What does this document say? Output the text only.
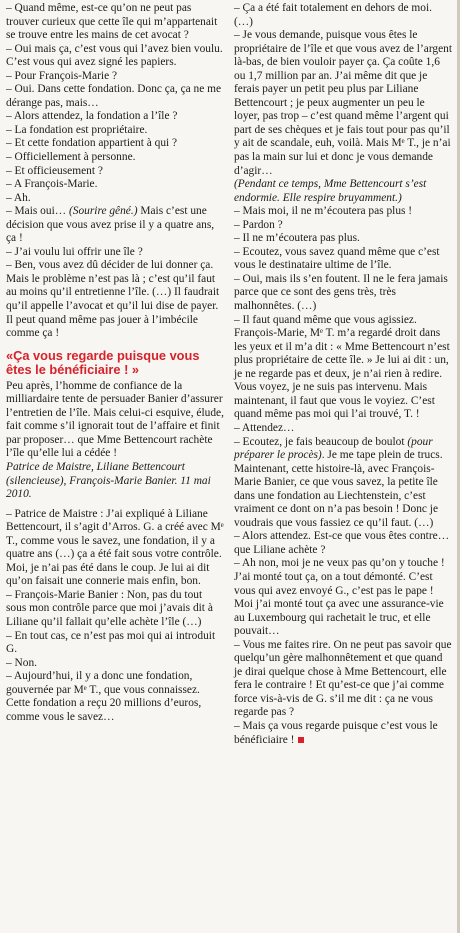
– Quand même, est-ce qu’on ne peut pas trouver curieux que cette île qui m’appartenait se trouve entre les mains de cet avocat ?

– Oui mais ça, c’est vous qui l’avez bien voulu. C’est vous qui avez signé les papiers.

– Pour François-Marie ?

– Oui. Dans cette fondation. Donc ça, ça ne me dérange pas, mais…

– Alors attendez, la fondation a l’île ?

– La fondation est propriétaire.

– Et cette fondation appartient à qui ?

– Officiellement à personne.

– Et officieusement ?

– A François-Marie.

– Ah.

– Mais oui… (Sourire gêné.) Mais c’est une décision que vous avez prise il y a quatre ans, ça !

– J’ai voulu lui offrir une île ?

– Ben, vous avez dû décider de lui donner ça. Mais le problème n’est pas là ; c’est qu’il faut au moins qu’il entretienne l’île. (…) Il faudrait qu’il appelle l’avocat et qu’il lui dise de payer. Il peut quand même pas jouer à l’imbécile comme ça !

«Ça vous regarde puisque vous êtes le bénéficiaire ! »

Peu après, l’homme de confiance de la milliardaire tente de persuader Banier d’assurer l’entretien de l’île. Mais celui-ci esquive, élude, fait comme s’il ignorait tout de l’affaire et finit par proposer… que Mme Bettencourt rachète l’île qu’elle lui a cédée !

Patrice de Maistre, Liliane Bettencourt (silencieuse), François-Marie Banier. 11 mai 2010.

– Patrice de Maistre : J’ai expliqué à Liliane Bettencourt, il s’agit d’Arros. G. a créé avec Mᵉ T., comme vous le savez, une fondation, il y a quatre ans (…) ça a été fait sous votre contrôle. Moi, je n’ai pas été dans le coup. Je lui ai dit qu’on faisait une connerie mais enfin, bon.

– François-Marie Banier : Non, pas du tout sous mon contrôle parce que moi j’avais dit à Liliane qu’il fallait qu’elle achète l’île (…)

– En tout cas, ce n’est pas moi qui ai introduit G.

– Non.

– Aujourd’hui, il y a donc une fondation, gouvernée par Mᵉ T., que vous connaissez. Cette fondation a reçu 20 millions d’euros, comme vous le savez…

– Ça a été fait totalement en dehors de moi. (…)

– Je vous demande, puisque vous êtes le propriétaire de l’île et que vous avez de l’argent là-bas, de bien vouloir payer ça. Ça coûte 1,6 ou 1,7 million par an. J’ai même dit que je ferais payer un petit peu plus par Liliane Bettencourt ; je peux augmenter un peu le loyer, pas trop – c’est quand même l’argent qui part de ses chèques et je fais tout pour pas qu’il y ait de scandale, euh, voilà. Mais Mᵉ T., je n’ai pas la main sur lui et donc je vous demande d’agir…

(Pendant ce temps, Mme Bettencourt s’est endormie. Elle respire bruyamment.)

– Mais moi, il ne m’écoutera pas plus !

– Pardon ?

– Il ne m’écoutera pas plus.

– Ecoutez, vous savez quand même que c’est vous le destinataire ultime de l’île.

– Oui, mais ils s’en foutent. Il ne le fera jamais parce que ce sont des gens très, très malhonnêtes. (…)

– Il faut quand même que vous agissiez. François-Marie, Mᵉ T. m’a regardé droit dans les yeux et il m’a dit : « Mme Bettencourt n’est plus propriétaire de cette île. » Je lui ai dit : un, je ne regarde pas et deux, je n’ai rien à redire. Vous voyez, je ne suis pas intervenu. Mais maintenant, il faut que vous le voyiez. C’est quand même pas moi qui l’ai trouvé, T. !

– Attendez…

– Ecoutez, je fais beaucoup de boulot (pour préparer le procès). Je me tape plein de trucs. Maintenant, cette histoire-là, avec François-Marie Banier, ce que vous savez, la petite île dans une fondation au Liechtenstein, c’est vraiment ce dont on n’a pas besoin ! Donc je voudrais que vous fassiez ce qu’il faut. (…)

– Alors attendez. Est-ce que vous êtes contre… que Liliane achète ?

– Ah non, moi je ne veux pas qu’on y touche ! J’ai monté tout ça, on a tout démonté. C’est vous qui avez envoyé G., c’est pas le pape ! Moi j’ai monté tout ça avec une assurance-vie au Luxembourg qui rachetait le truc, et elle pouvait…

– Vous me faites rire. On ne peut pas savoir que quelqu’un gère malhonnêtement et que quand je dirai quelque chose à Mme Bettencourt, elle fera le contraire ! Et qu’est-ce que j’ai comme force vis-à-vis de G. s’il me dit : ça ne vous regarde pas ?

– Mais ça vous regarde puisque c’est vous le bénéficiaire !
